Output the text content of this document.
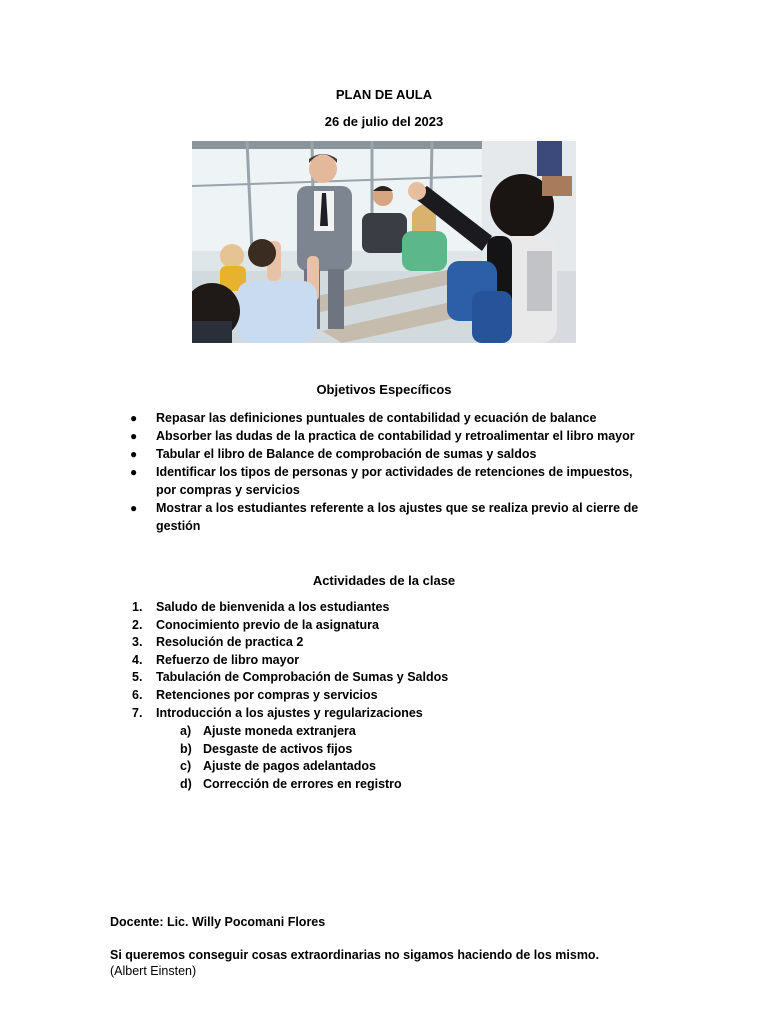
PLAN DE AULA
26 de julio del 2023
Objetivos Específicos
● Repasar las definiciones puntuales de contabilidad y ecuación de balance
● Absorber las dudas de la practica de contabilidad y retroalimentar el libro mayor
● Tabular el libro de Balance de comprobación de sumas y saldos
● Identificar los tipos de personas y por actividades de retenciones de impuestos, por compras y servicios
● Mostrar a los estudiantes referente a los ajustes que se realiza previo al cierre de gestión
Actividades de la clase
1. Saludo de bienvenida a los estudiantes
2. Conocimiento previo de la asignatura
3. Resolución de practica 2
4. Refuerzo de libro mayor
5. Tabulación de Comprobación de Sumas y Saldos
6. Retenciones por compras y servicios
7. Introducción a los ajustes y regularizaciones
a) Ajuste moneda extranjera
b) Desgaste de activos fijos
c) Ajuste de pagos adelantados
d) Corrección de errores en registro
Docente: Lic. Willy Pocomani Flores
Si queremos conseguir cosas extraordinarias no sigamos haciendo de los mismo.
(Albert Einsten)
